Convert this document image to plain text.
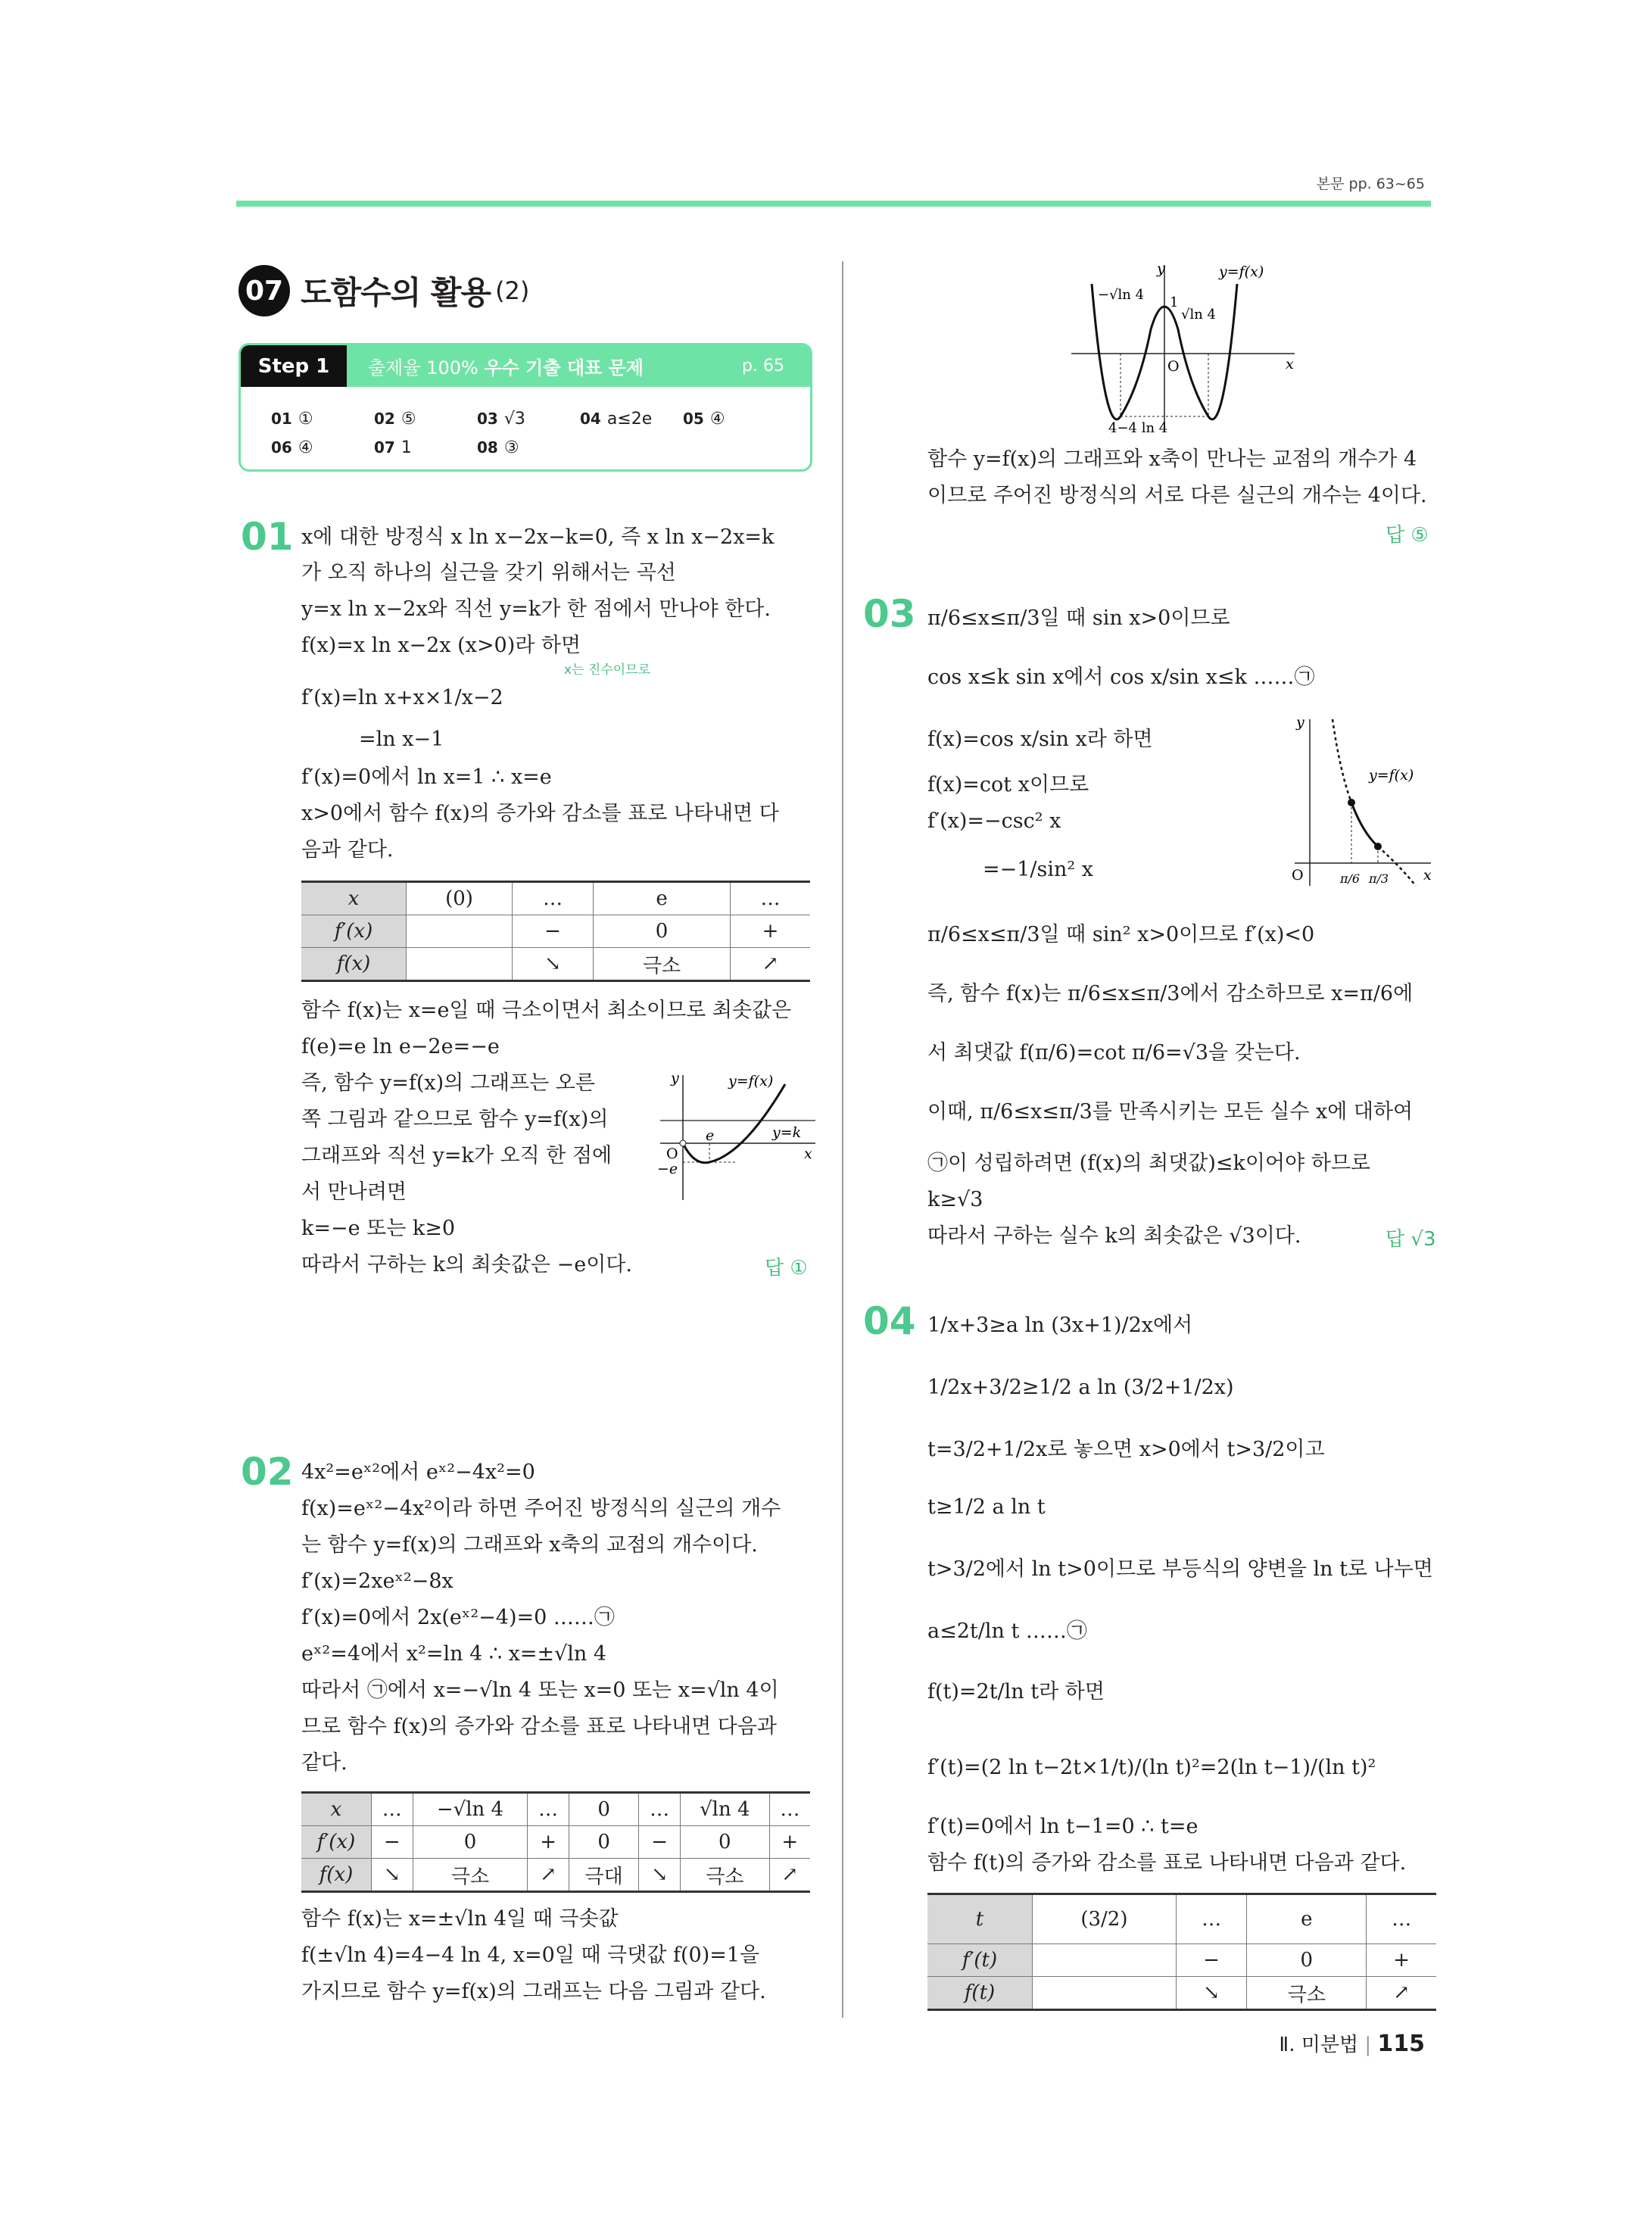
본문 pp. 63~65
07 도함수의 활용 (2)
Step 1	출제율 100% 우수 기출 대표 문제	p. 65
01 ①	02 ⑤	03 √3	04 a≤2e	05 ④
06 ④	07 1	08 ③
01 x에 대한 방정식 x ln x−2x−k=0, 즉 x ln x−2x=k
가 오직 하나의 실근을 갖기 위해서는 곡선
y=x ln x−2x와 직선 y=k가 한 점에서 만나야 한다.
f(x)=x ln x−2x (x>0)라 하면
x는 진수이므로
f′(x)=ln x+x×1/x−2
=ln x−1
f′(x)=0에서 ln x=1 ∴ x=e
x>0에서 함수 f(x)의 증가와 감소를 표로 나타내면 다
음과 같다.
x	(0)	…	e	…
f′(x)		−	0	+
f(x)		↘	극소	↗
함수 f(x)는 x=e일 때 극소이면서 최소이므로 최솟값은
f(e)=e ln e−2e=−e
즉, 함수 y=f(x)의 그래프는 오른
쪽 그림과 같으므로 함수 y=f(x)의
그래프와 직선 y=k가 오직 한 점에
서 만나려면
k=−e 또는 k≥0
따라서 구하는 k의 최솟값은 −e이다.	답 ①
y	y=f(x)
y=k
O
e
−e
x
02 4x²=eˣ²에서 eˣ²−4x²=0
f(x)=eˣ²−4x²이라 하면 주어진 방정식의 실근의 개수
는 함수 y=f(x)의 그래프와 x축의 교점의 개수이다.
f′(x)=2xeˣ²−8x
f′(x)=0에서 2x(eˣ²−4)=0 ……㉠
eˣ²=4에서 x²=ln 4 ∴ x=±√ln 4
따라서 ㉠에서 x=−√ln 4 또는 x=0 또는 x=√ln 4이
므로 함수 f(x)의 증가와 감소를 표로 나타내면 다음과
같다.
x	…	−√ln 4	…	0	…	√ln 4	…
f′(x)	−	0	+	0	−	0	+
f(x)	↘	극소	↗	극대	↘	극소	↗
함수 f(x)는 x=±√ln 4일 때 극솟값
f(±√ln 4)=4−4 ln 4, x=0일 때 극댓값 f(0)=1을
가지므로 함수 y=f(x)의 그래프는 다음 그림과 같다.
y	y=f(x)
−√ln 4 1
√ln 4
O	x
4−4 ln 4
함수 y=f(x)의 그래프와 x축이 만나는 교점의 개수가 4
이므로 주어진 방정식의 서로 다른 실근의 개수는 4이다.
답 ⑤
03 π/6≤x≤π/3일 때 sin x>0이므로
cos x≤k sin x에서 cos x/sin x≤k ……㉠
f(x)=cos x/sin x라 하면
f(x)=cot x이므로
f′(x)=−csc² x
=−1/sin² x
π/6≤x≤π/3일 때 sin² x>0이므로 f′(x)<0
즉, 함수 f(x)는 π/6≤x≤π/3에서 감소하므로 x=π/6에
서 최댓값 f(π/6)=cot π/6=√3을 갖는다.
이때, π/6≤x≤π/3를 만족시키는 모든 실수 x에 대하여
㉠이 성립하려면 (f(x)의 최댓값)≤k이어야 하므로
k≥√3
따라서 구하는 실수 k의 최솟값은 √3이다.	답 √3
y
y=f(x)
O	π/6 π/3 x
04 1/x+3≥a ln (3x+1)/2x에서
1/2x+3/2≥1/2 a ln (3/2+1/2x)
t=3/2+1/2x로 놓으면 x>0에서 t>3/2이고
t≥1/2 a ln t
t>3/2에서 ln t>0이므로 부등식의 양변을 ln t로 나누면
a≤2t/ln t ……㉠
f(t)=2t/ln t라 하면
f′(t)=(2 ln t−2t×1/t)/(ln t)²=2(ln t−1)/(ln t)²
f′(t)=0에서 ln t−1=0 ∴ t=e
함수 f(t)의 증가와 감소를 표로 나타내면 다음과 같다.
t	(3/2)	…	e	…
f′(t)		−	0	+
f(t)		↘	극소	↗
Ⅱ. 미분법 | 115
